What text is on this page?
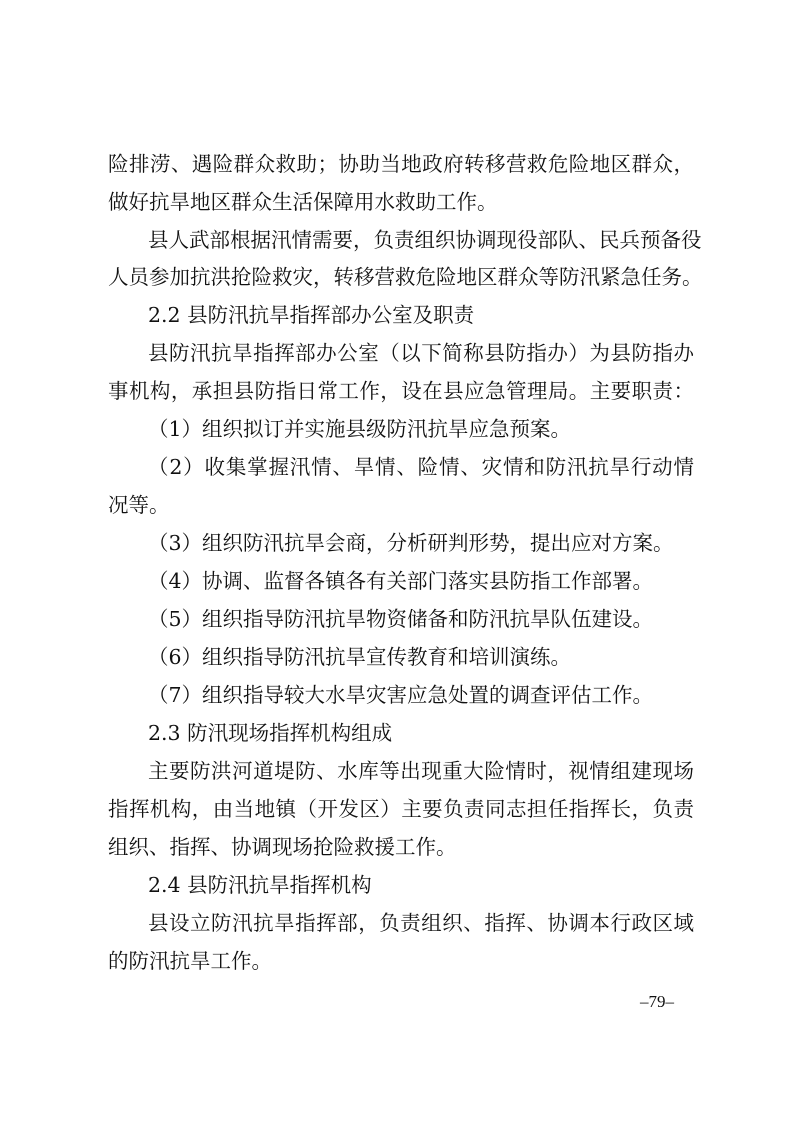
险排涝、遇险群众救助；协助当地政府转移营救危险地区群众，
做好抗旱地区群众生活保障用水救助工作。
县人武部根据汛情需要，负责组织协调现役部队、民兵预备役
人员参加抗洪抢险救灾，转移营救危险地区群众等防汛紧急任务。
2.2 县防汛抗旱指挥部办公室及职责
县防汛抗旱指挥部办公室（以下简称县防指办）为县防指办
事机构，承担县防指日常工作，设在县应急管理局。主要职责：
（1）组织拟订并实施县级防汛抗旱应急预案。
（2）收集掌握汛情、旱情、险情、灾情和防汛抗旱行动情
况等。
（3）组织防汛抗旱会商，分析研判形势，提出应对方案。
（4）协调、监督各镇各有关部门落实县防指工作部署。
（5）组织指导防汛抗旱物资储备和防汛抗旱队伍建设。
（6）组织指导防汛抗旱宣传教育和培训演练。
（7）组织指导较大水旱灾害应急处置的调查评估工作。
2.3 防汛现场指挥机构组成
主要防洪河道堤防、水库等出现重大险情时，视情组建现场
指挥机构，由当地镇（开发区）主要负责同志担任指挥长，负责
组织、指挥、协调现场抢险救援工作。
2.4 县防汛抗旱指挥机构
县设立防汛抗旱指挥部，负责组织、指挥、协调本行政区域
的防汛抗旱工作。
–79–
